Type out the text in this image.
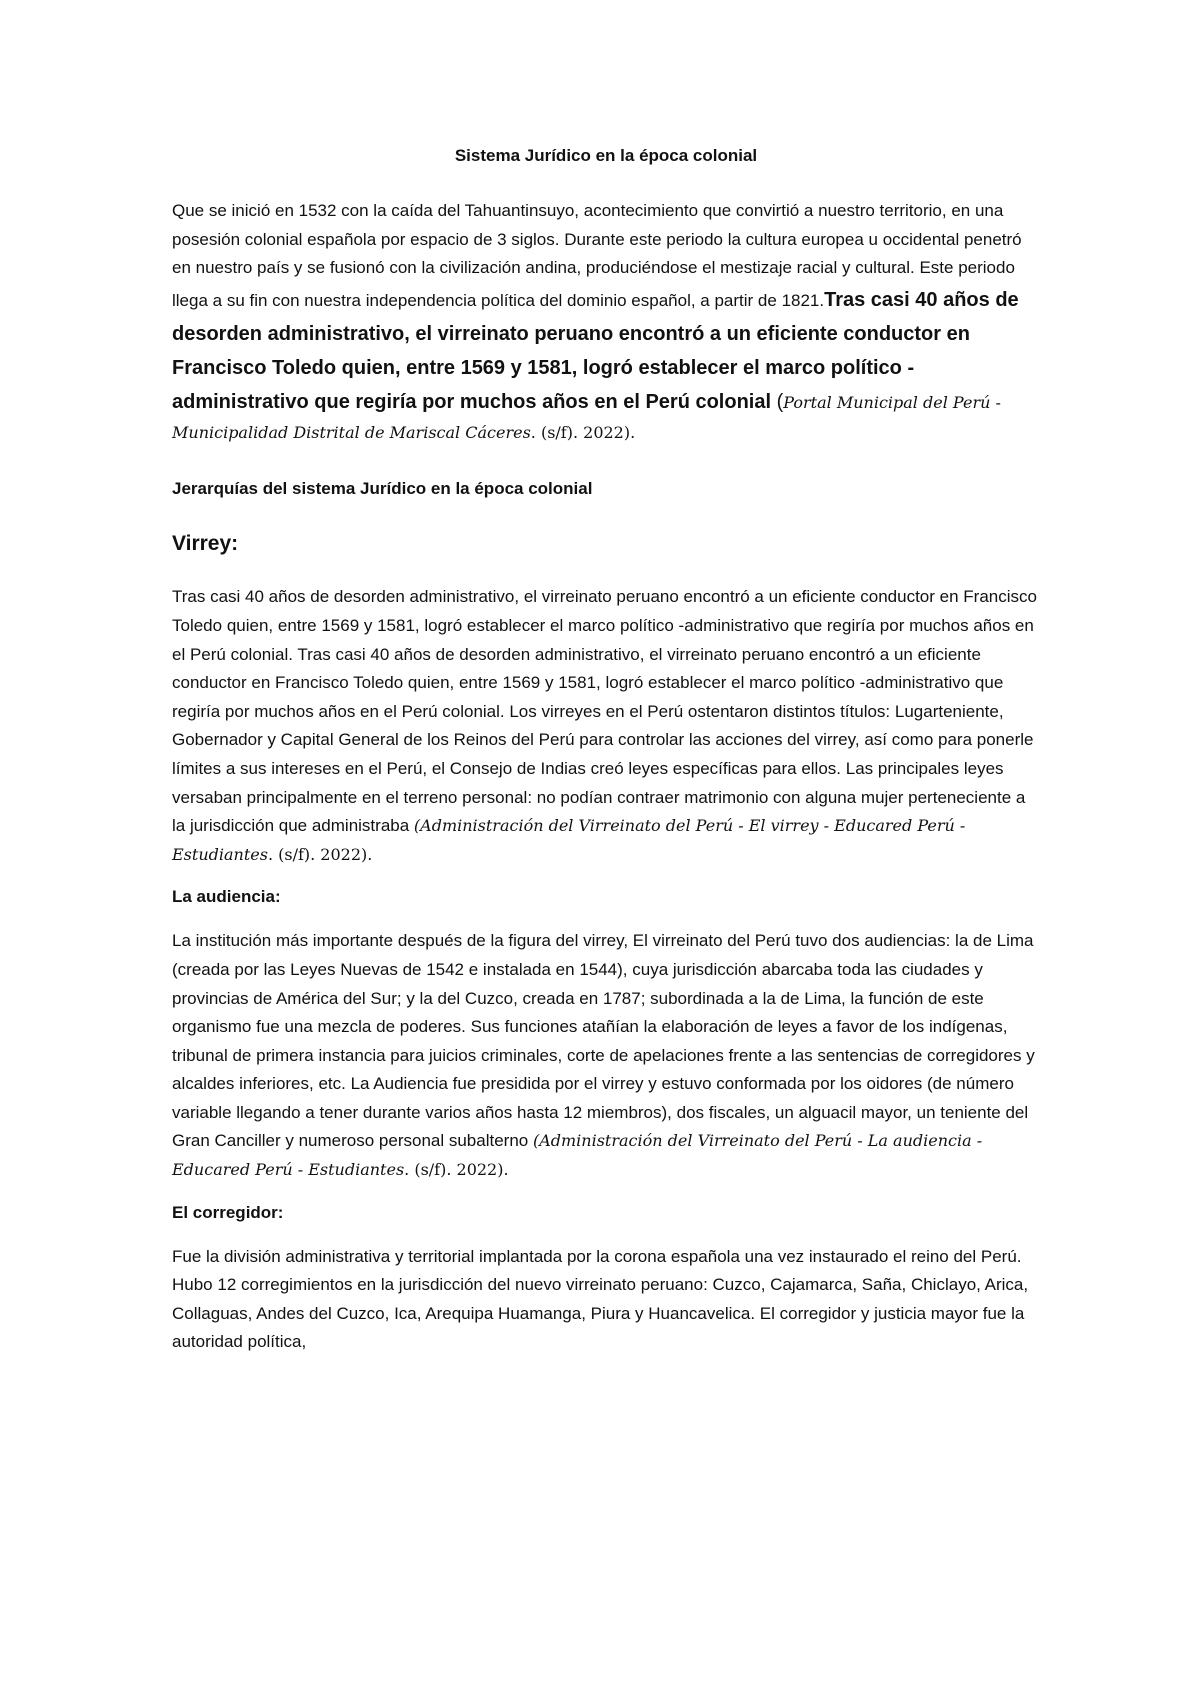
Sistema Jurídico en la época colonial

Que se inició en 1532 con la caída del Tahuantinsuyo, acontecimiento que convirtió a nuestro territorio, en una posesión colonial española por espacio de 3 siglos. Durante este periodo la cultura europea u occidental penetró en nuestro país y se fusionó con la civilización andina, produciéndose el mestizaje racial y cultural. Este periodo llega a su fin con nuestra independencia política del dominio español, a partir de 1821.Tras casi 40 años de desorden administrativo, el virreinato peruano encontró a un eficiente conductor en Francisco Toledo quien, entre 1569 y 1581, logró establecer el marco político -administrativo que regiría por muchos años en el Perú colonial (Portal Municipal del Perú - Municipalidad Distrital de Mariscal Cáceres. (s/f). 2022).

Jerarquías del sistema Jurídico en la época colonial
Virrey:

Tras casi 40 años de desorden administrativo, el virreinato peruano encontró a un eficiente conductor en Francisco Toledo quien, entre 1569 y 1581, logró establecer el marco político -administrativo que regiría por muchos años en el Perú colonial. Tras casi 40 años de desorden administrativo, el virreinato peruano encontró a un eficiente conductor en Francisco Toledo quien, entre 1569 y 1581, logró establecer el marco político -administrativo que regiría por muchos años en el Perú colonial. Los virreyes en el Perú ostentaron distintos títulos: Lugarteniente, Gobernador y Capital General de los Reinos del Perú para controlar las acciones del virrey, así como para ponerle límites a sus intereses en el Perú, el Consejo de Indias creó leyes específicas para ellos. Las principales leyes versaban principalmente en el terreno personal: no podían contraer matrimonio con alguna mujer perteneciente a la jurisdicción que administraba (Administración del Virreinato del Perú - El virrey - Educared Perú - Estudiantes. (s/f). 2022).

La audiencia:

La institución más importante después de la figura del virrey, El virreinato del Perú tuvo dos audiencias: la de Lima (creada por las Leyes Nuevas de 1542 e instalada en 1544), cuya jurisdicción abarcaba toda las ciudades y provincias de América del Sur; y la del Cuzco, creada en 1787; subordinada a la de Lima, la función de este organismo fue una mezcla de poderes. Sus funciones atañían la elaboración de leyes a favor de los indígenas, tribunal de primera instancia para juicios criminales, corte de apelaciones frente a las sentencias de corregidores y alcaldes inferiores, etc. La Audiencia fue presidida por el virrey y estuvo conformada por los oidores (de número variable llegando a tener durante varios años hasta 12 miembros), dos fiscales, un alguacil mayor, un teniente del Gran Canciller y numeroso personal subalterno (Administración del Virreinato del Perú - La audiencia - Educared Perú - Estudiantes. (s/f). 2022).

El corregidor:

Fue la división administrativa y territorial implantada por la corona española una vez instaurado el reino del Perú. Hubo 12 corregimientos en la jurisdicción del nuevo virreinato peruano: Cuzco, Cajamarca, Saña, Chiclayo, Arica, Collaguas, Andes del Cuzco, Ica, Arequipa Huamanga, Piura y Huancavelica. El corregidor y justicia mayor fue la autoridad política,
